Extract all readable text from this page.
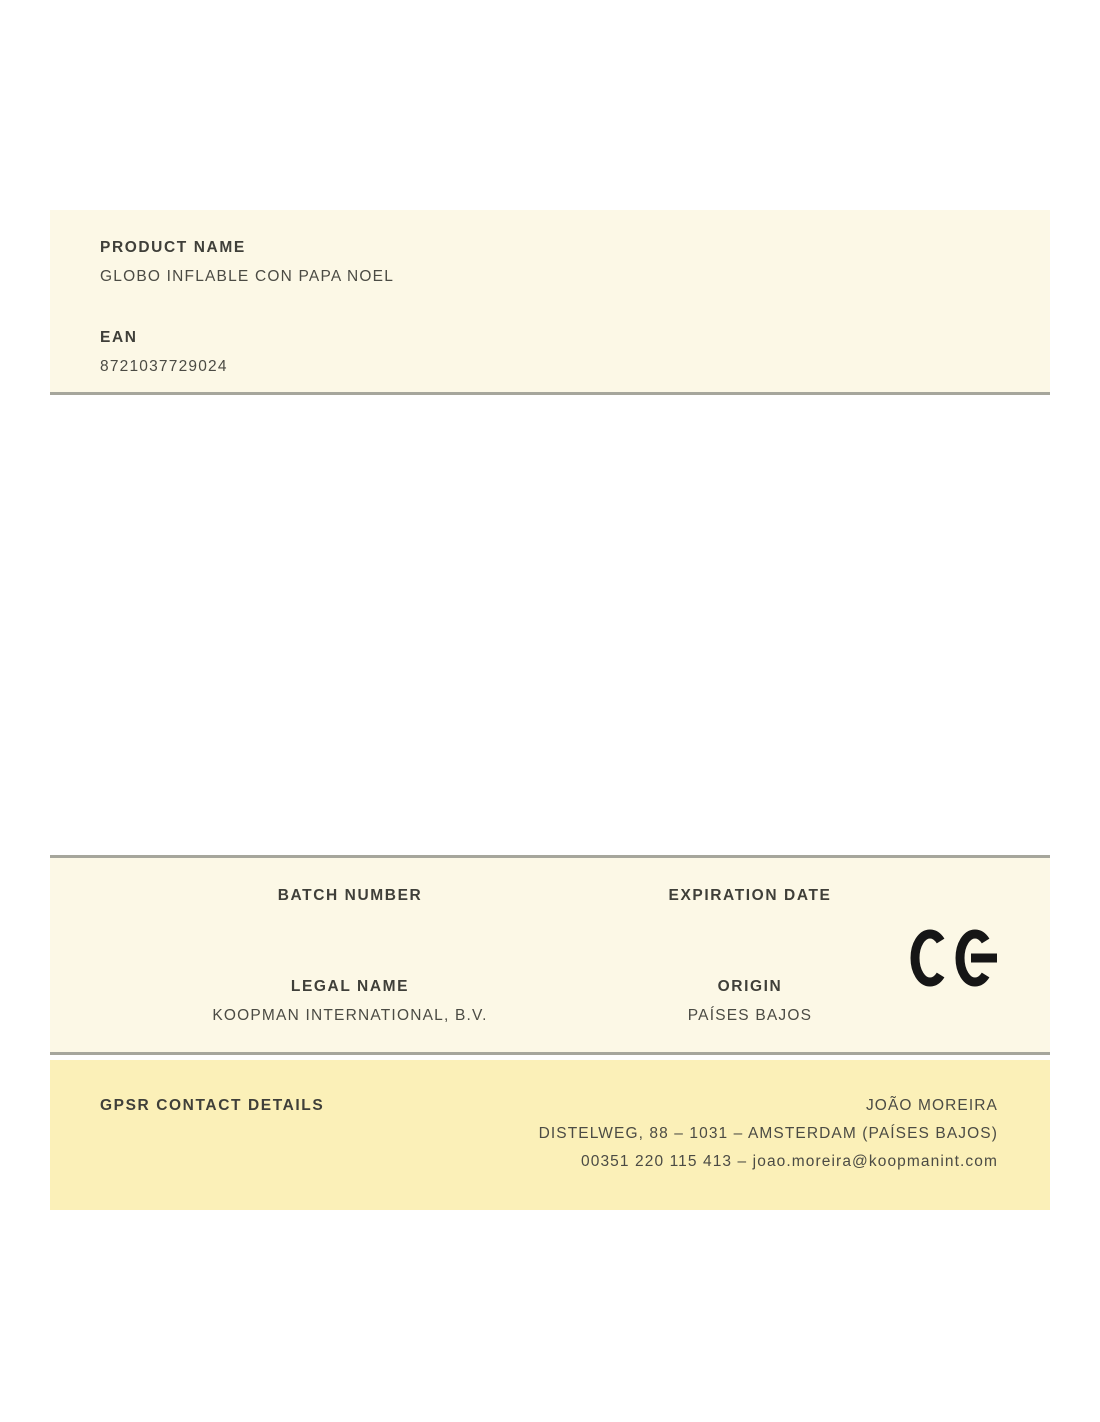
PRODUCT NAME
GLOBO INFLABLE CON PAPA NOEL
EAN
8721037729024
BATCH NUMBER	EXPIRATION DATE
LEGAL NAME
KOOPMAN INTERNATIONAL, B.V.
ORIGIN
PAÍSES BAJOS
GPSR CONTACT DETAILS	JOÃO MOREIRA
DISTELWEG, 88 – 1031 – AMSTERDAM (PAÍSES BAJOS)
00351 220 115 413 – joao.moreira@koopmanint.com
